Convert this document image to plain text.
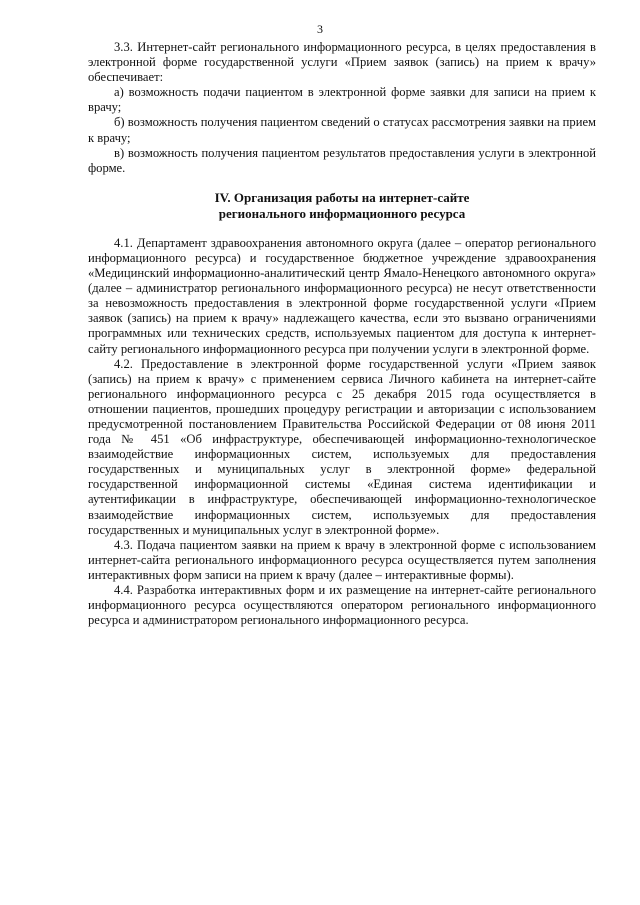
3

3.3. Интернет-сайт регионального информационного ресурса, в целях предоставления в электронной форме государственной услуги «Прием заявок (запись) на прием к врачу» обеспечивает:

а) возможность подачи пациентом в электронной форме заявки для записи на прием к врачу;

б) возможность получения пациентом сведений о статусах рассмотрения заявки на прием к врачу;

в) возможность получения пациентом результатов предоставления услуги в электронной форме.

IV. Организация работы на интернет-сайте
регионального информационного ресурса

4.1. Департамент здравоохранения автономного округа (далее – оператор регионального информационного ресурса) и государственное бюджетное учреждение здравоохранения «Медицинский информационно-аналитический центр Ямало-Ненецкого автономного округа» (далее – администратор регионального информационного ресурса) не несут ответственности за невозможность предоставления в электронной форме государственной услуги «Прием заявок (запись) на прием к врачу» надлежащего качества, если это вызвано ограничениями программных или технических средств, используемых пациентом для доступа к интернет-сайту регионального информационного ресурса при получении услуги в электронной форме.

4.2. Предоставление в электронной форме государственной услуги «Прием заявок (запись) на прием к врачу» с применением сервиса Личного кабинета на интернет-сайте регионального информационного ресурса с 25 декабря 2015 года осуществляется в отношении пациентов, прошедших процедуру регистрации и авторизации с использованием предусмотренной постановлением Правительства Российской Федерации от 08 июня 2011 года № 451 «Об инфраструктуре, обеспечивающей информационно-технологическое взаимодействие информационных систем, используемых для предоставления государственных и муниципальных услуг в электронной форме» федеральной государственной информационной системы «Единая система идентификации и аутентификации в инфраструктуре, обеспечивающей информационно-технологическое взаимодействие информационных систем, используемых для предоставления государственных и муниципальных услуг в электронной форме».

4.3. Подача пациентом заявки на прием к врачу в электронной форме с использованием интернет-сайта регионального информационного ресурса осуществляется путем заполнения интерактивных форм записи на прием к врачу (далее – интерактивные формы).

4.4. Разработка интерактивных форм и их размещение на интернет-сайте регионального информационного ресурса осуществляются оператором регионального информационного ресурса и администратором регионального информационного ресурса.
